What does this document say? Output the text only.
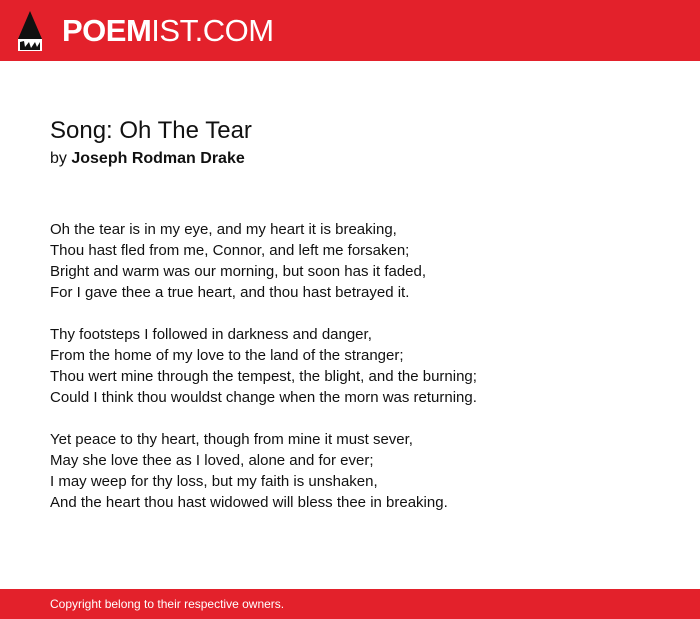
POEMIST.COM
Song: Oh The Tear
by Joseph Rodman Drake
Oh the tear is in my eye, and my heart it is breaking,
Thou hast fled from me, Connor, and left me forsaken;
Bright and warm was our morning, but soon has it faded,
For I gave thee a true heart, and thou hast betrayed it.
Thy footsteps I followed in darkness and danger,
From the home of my love to the land of the stranger;
Thou wert mine through the tempest, the blight, and the burning;
Could I think thou wouldst change when the morn was returning.
Yet peace to thy heart, though from mine it must sever,
May she love thee as I loved, alone and for ever;
I may weep for thy loss, but my faith is unshaken,
And the heart thou hast widowed will bless thee in breaking.
Copyright belong to their respective owners.
